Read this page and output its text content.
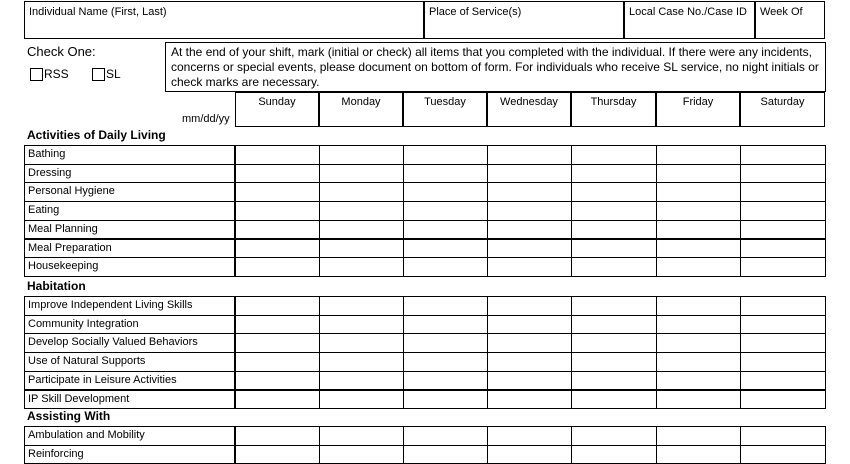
Individual Name (First, Last)	Place of Service(s)	Local Case No./Case ID Week Of
Check One:
RSS	SL
At the end of your shift, mark (initial or check) all items that you completed with the individual. If there were any incidents, concerns or special events, please document on bottom of form. For individuals who receive SL service, no night initials or check marks are necessary.
mm/dd/yy
Sunday	Monday	Tuesday	Wednesday	Thursday	Friday	Saturday
Activities of Daily Living
Bathing
Dressing
Personal Hygiene
Eating
Meal Planning
Meal Preparation
Housekeeping
Habitation
Improve Independent Living Skills
Community Integration
Develop Socially Valued Behaviors
Use of Natural Supports
Participate in Leisure Activities
IP Skill Development
Assisting With
Ambulation and Mobility
Reinforcing
